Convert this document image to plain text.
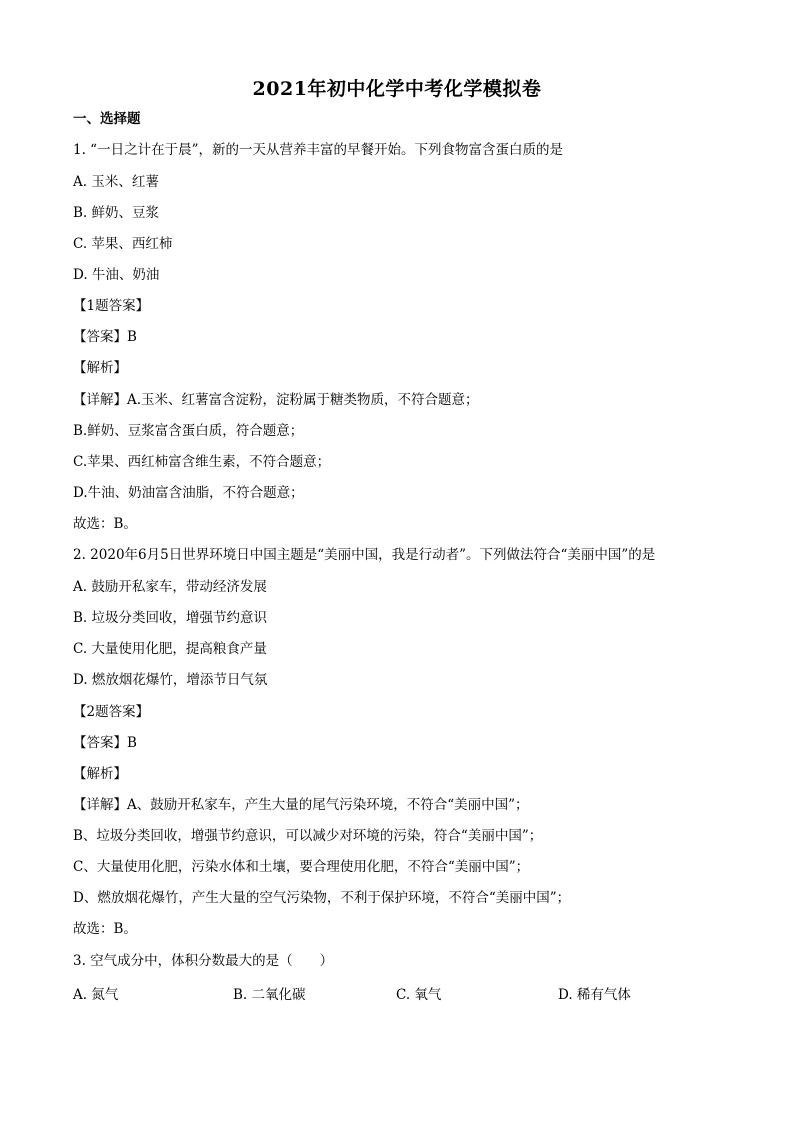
2021年初中化学中考化学模拟卷
一、选择题
1. “一日之计在于晨”，新的一天从营养丰富的早餐开始。下列食物富含蛋白质的是
A. 玉米、红薯
B. 鲜奶、豆浆
C. 苹果、西红柿
D. 牛油、奶油
【1题答案】
【答案】B
【解析】
【详解】A.玉米、红薯富含淀粉，淀粉属于糖类物质，不符合题意；
B.鲜奶、豆浆富含蛋白质，符合题意；
C.苹果、西红柿富含维生素，不符合题意；
D.牛油、奶油富含油脂，不符合题意；
故选：B。
2. 2020年6月5日世界环境日中国主题是“美丽中国，我是行动者”。下列做法符合“美丽中国”的是
A. 鼓励开私家车，带动经济发展
B. 垃圾分类回收，增强节约意识
C. 大量使用化肥，提高粮食产量
D. 燃放烟花爆竹，增添节日气氛
【2题答案】
【答案】B
【解析】
【详解】A、鼓励开私家车，产生大量的尾气污染环境，不符合“美丽中国”；
B、垃圾分类回收，增强节约意识，可以减少对环境的污染，符合“美丽中国”；
C、大量使用化肥，污染水体和土壤，要合理使用化肥，不符合“美丽中国”；
D、燃放烟花爆竹，产生大量的空气污染物，不利于保护环境，不符合“美丽中国”；
故选：B。
3. 空气成分中，体积分数最大的是（　　）
A. 氮气	B. 二氧化碳	C. 氧气	D. 稀有气体
